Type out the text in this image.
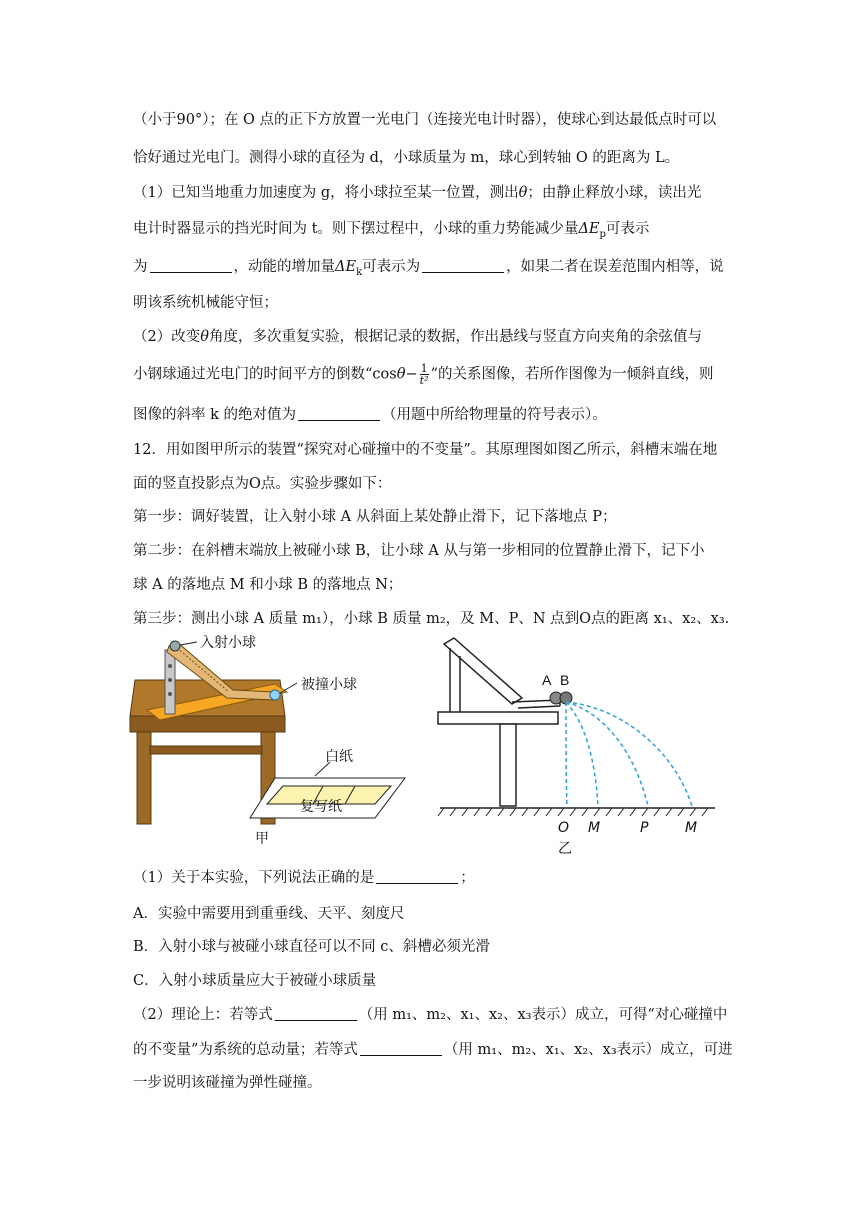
（小于90°）；在 O 点的正下方放置一光电门（连接光电计时器），使球心到达最低点时可以
恰好通过光电门。测得小球的直径为 d，小球质量为 m，球心到转轴 O 的距离为 L。
（1）已知当地重力加速度为 g，将小球拉至某一位置，测出θ；由静止释放小球，读出光
电计时器显示的挡光时间为 t。则下摆过程中，小球的重力势能减少量$\Delta E_p$可表示
为	，动能的增加量$\Delta E_k$可表示为	，如果二者在误差范围内相等，说
明该系统机械能守恒；
（2）改变θ角度，多次重复实验，根据记录的数据，作出悬线与竖直方向夹角的余弦值与
小钢球通过光电门的时间平方的倒数“$\cos\theta- \frac{1}{\text{t²}}$ ”的关系图像，若所作图像为一倾斜直线，则
图像的斜率 k 的绝对值为	（用题中所给物理量的符号表示）。
12．用如图甲所示的装置“探究对心碰撞中的不变量”。其原理图如图乙所示，斜槽末端在地
面的竖直投影点为O点。实验步骤如下：
第一步：调好装置，让入射小球 A 从斜面上某处静止滑下，记下落地点 P；
第二步：在斜槽末端放上被碰小球 B，让小球 A 从与第一步相同的位置静止滑下，记下小
球 A 的落地点 M 和小球 B 的落地点 N；
第三步：测出小球 A 质量 m₁），小球 B 质量 m₂，及 M、P、N 点到O点的距离 x₁、x₂、x₃.
入射小球
被撞小球
白纸
复写纸
甲
A B
O M	P	M
乙
（1）关于本实验，下列说法正确的是	；
A．实验中需要用到重垂线、天平、刻度尺
B．入射小球与被碰小球直径可以不同 c、斜槽必须光滑
C．入射小球质量应大于被碰小球质量
（2）理论上：若等式	（用 m₁、m₂、x₁、x₂、x₃表示）成立，可得“对心碰撞中
的不变量”为系统的总动量；若等式	（用 m₁、m₂、x₁、x₂、x₃表示）成立，可进
一步说明该碰撞为弹性碰撞。
